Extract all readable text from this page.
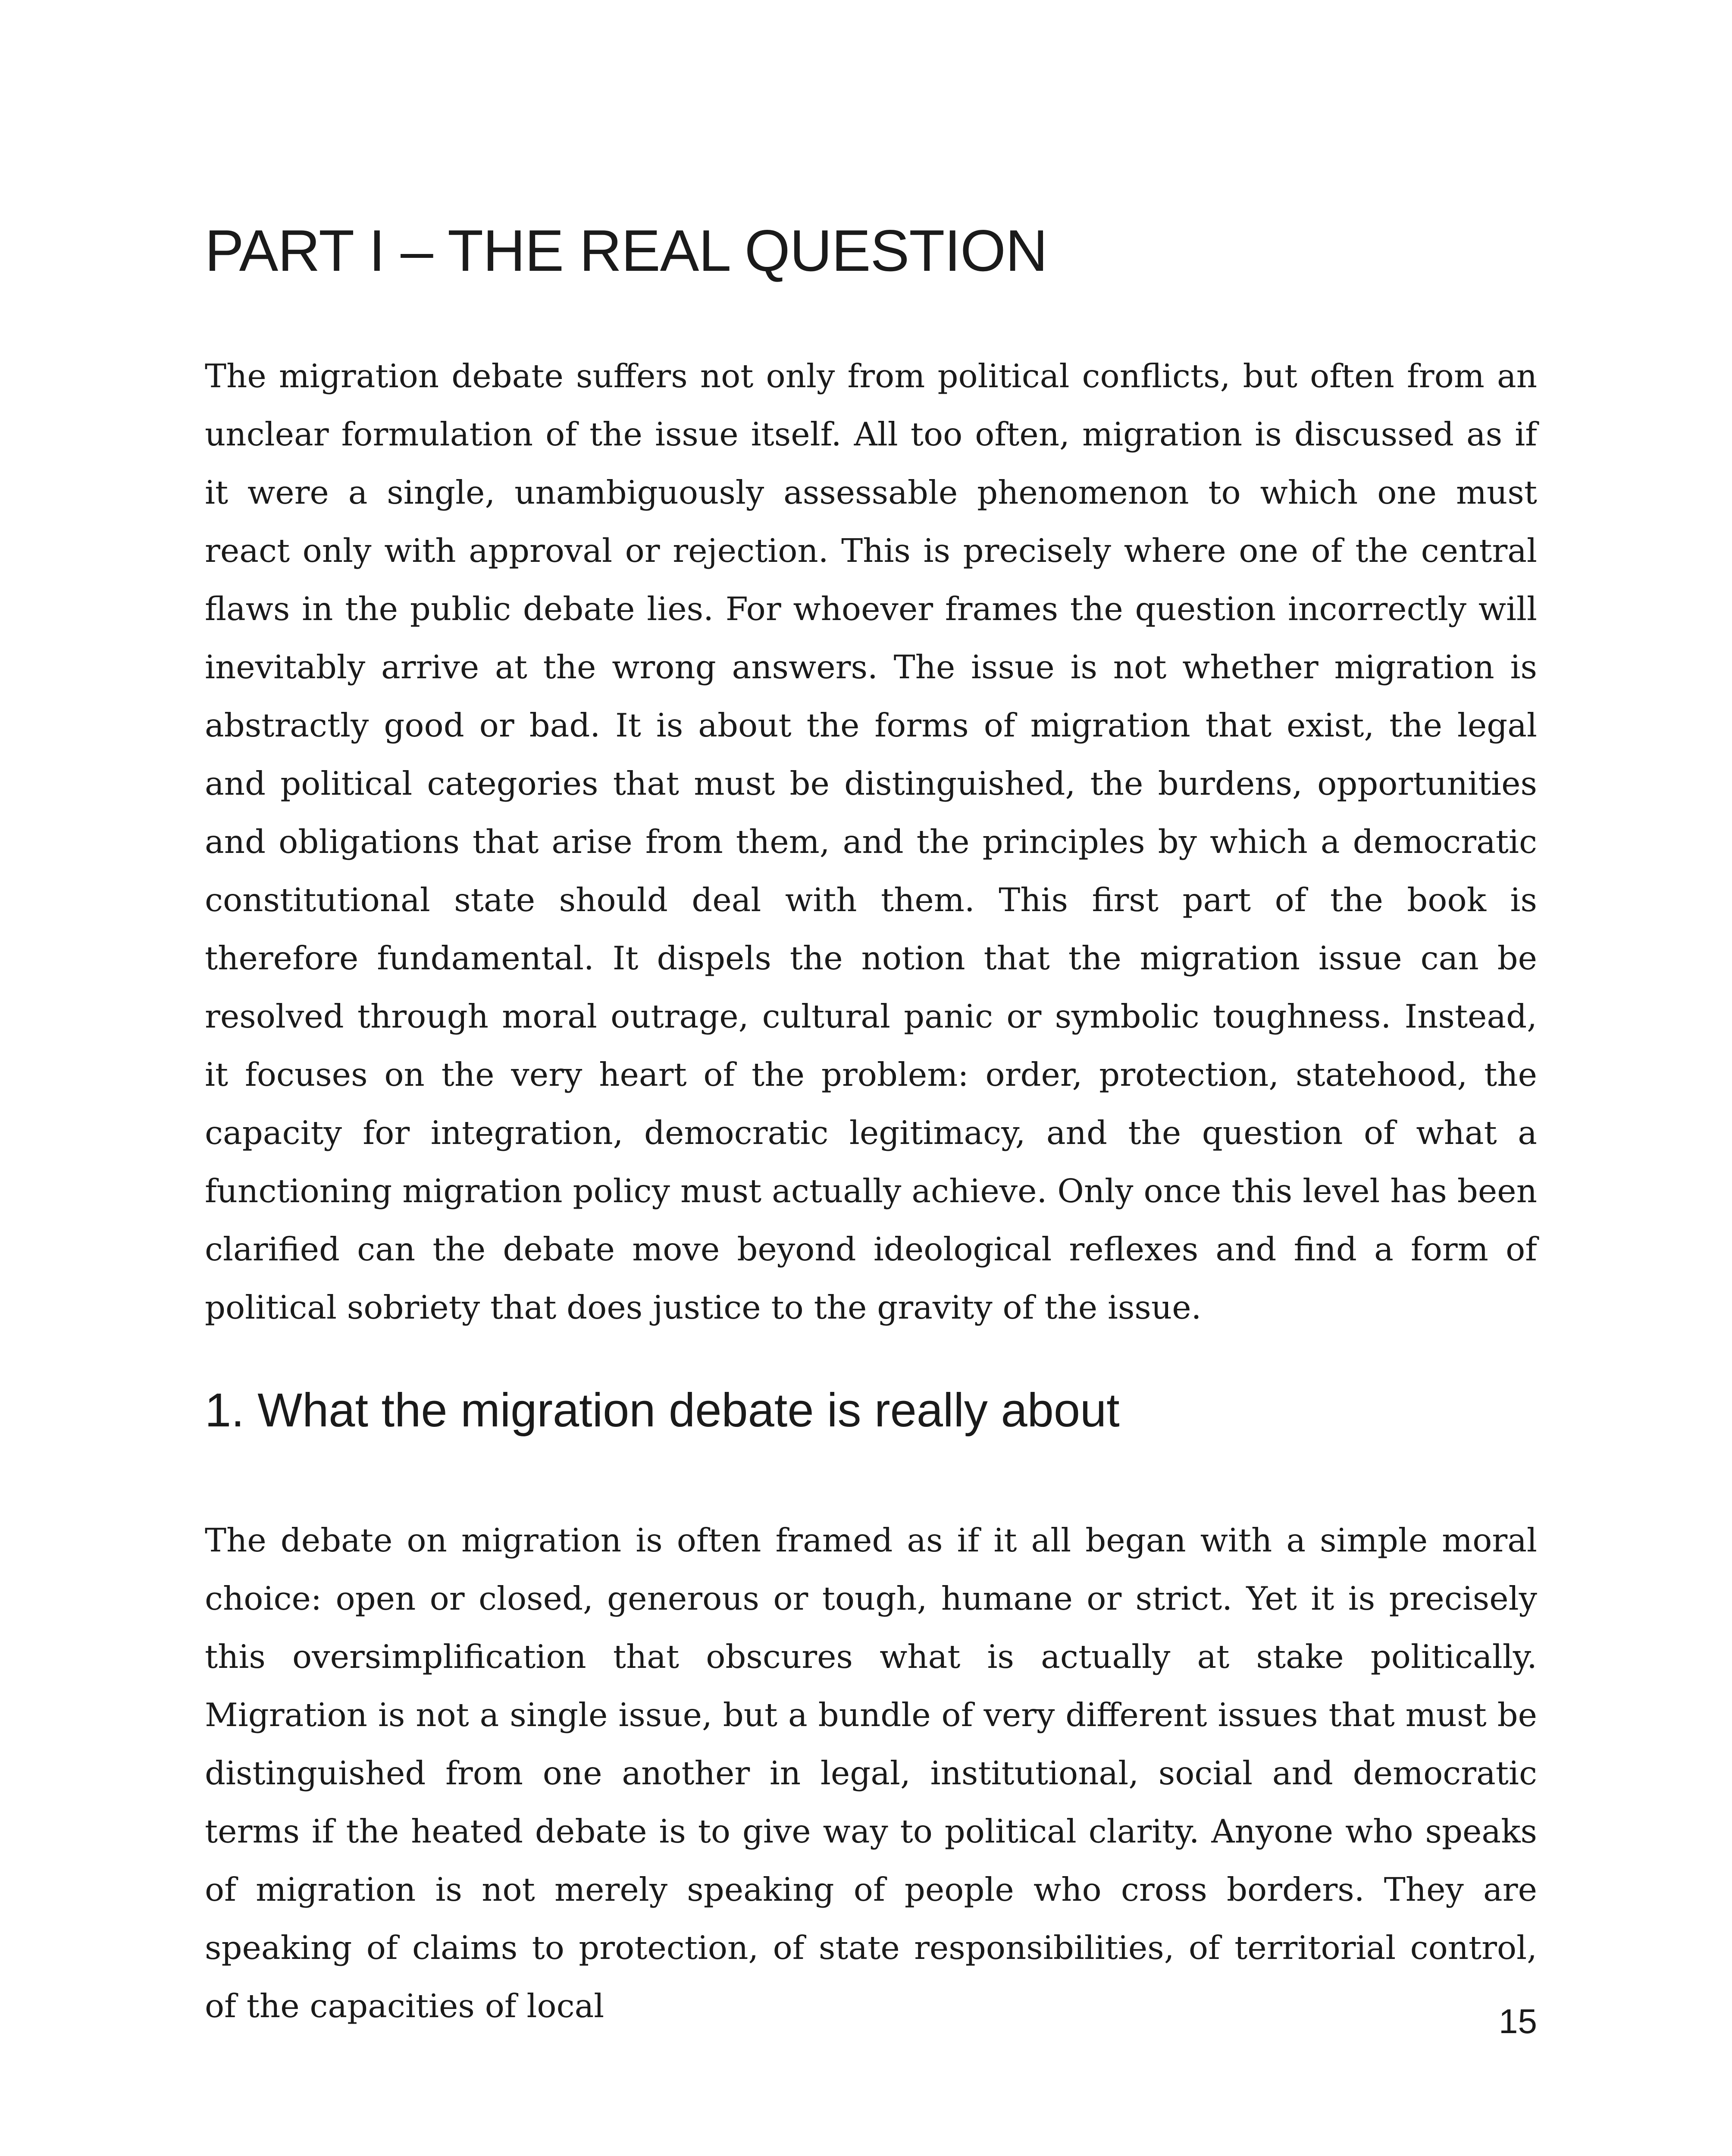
PART I – THE REAL QUESTION

The migration debate suffers not only from political conflicts, but often from an unclear formulation of the issue itself. All too often, migration is discussed as if it were a single, unambiguously assessable phenomenon to which one must react only with approval or rejection. This is precisely where one of the central flaws in the public debate lies. For whoever frames the question incorrectly will inevitably arrive at the wrong answers. The issue is not whether migration is abstractly good or bad. It is about the forms of migration that exist, the legal and political categories that must be distinguished, the burdens, opportunities and obligations that arise from them, and the principles by which a democratic constitutional state should deal with them. This first part of the book is therefore fundamental. It dispels the notion that the migration issue can be resolved through moral outrage, cultural panic or symbolic toughness. Instead, it focuses on the very heart of the problem: order, protection, statehood, the capacity for integration, democratic legitimacy, and the question of what a functioning migration policy must actually achieve. Only once this level has been clarified can the debate move beyond ideological reflexes and find a form of political sobriety that does justice to the gravity of the issue.

1. What the migration debate is really about

The debate on migration is often framed as if it all began with a simple moral choice: open or closed, generous or tough, humane or strict. Yet it is precisely this oversimplification that obscures what is actually at stake politically. Migration is not a single issue, but a bundle of very different issues that must be distinguished from one another in legal, institutional, social and democratic terms if the heated debate is to give way to political clarity. Anyone who speaks of migration is not merely speaking of people who cross borders. They are speaking of claims to protection, of state responsibilities, of territorial control, of the capacities of local	15
